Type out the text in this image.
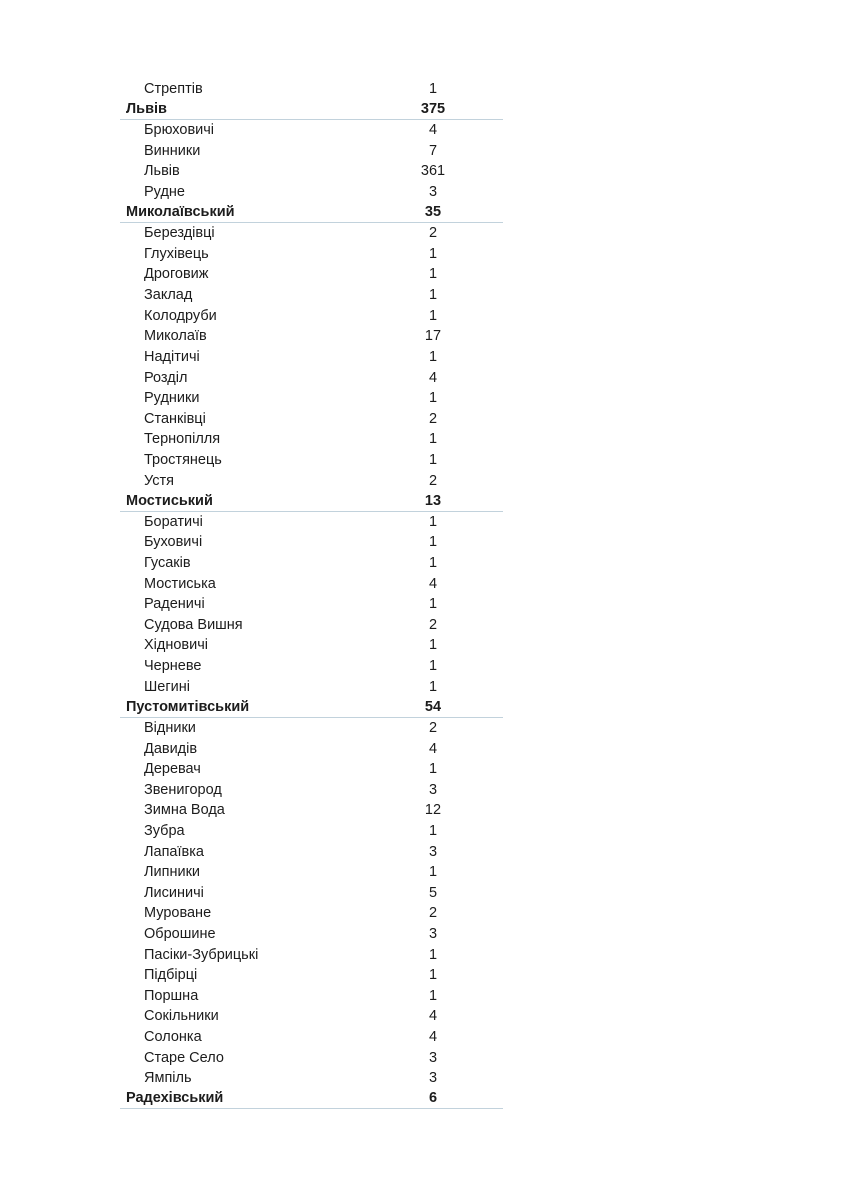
Стрептів	1
Львів	375
Брюховичі	4
Винники	7
Львів	361
Рудне	3
Миколаївський	35
Берездівці	2
Глухівець	1
Дроговиж	1
Заклад	1
Колодруби	1
Миколаїв	17
Надітичі	1
Розділ	4
Рудники	1
Станківці	2
Тернопілля	1
Тростянець	1
Устя	2
Мостиський	13
Боратичі	1
Буховичі	1
Гусаків	1
Мостиська	4
Раденичі	1
Судова Вишня	2
Хідновичі	1
Черневе	1
Шегині	1
Пустомитівський	54
Відники	2
Давидів	4
Деревач	1
Звенигород	3
Зимна Вода	12
Зубра	1
Лапаївка	3
Липники	1
Лисиничі	5
Муроване	2
Оброшине	3
Пасіки-Зубрицькі	1
Підбірці	1
Поршна	1
Сокільники	4
Солонка	4
Старе Село	3
Ямпіль	3
Радехівський	6
